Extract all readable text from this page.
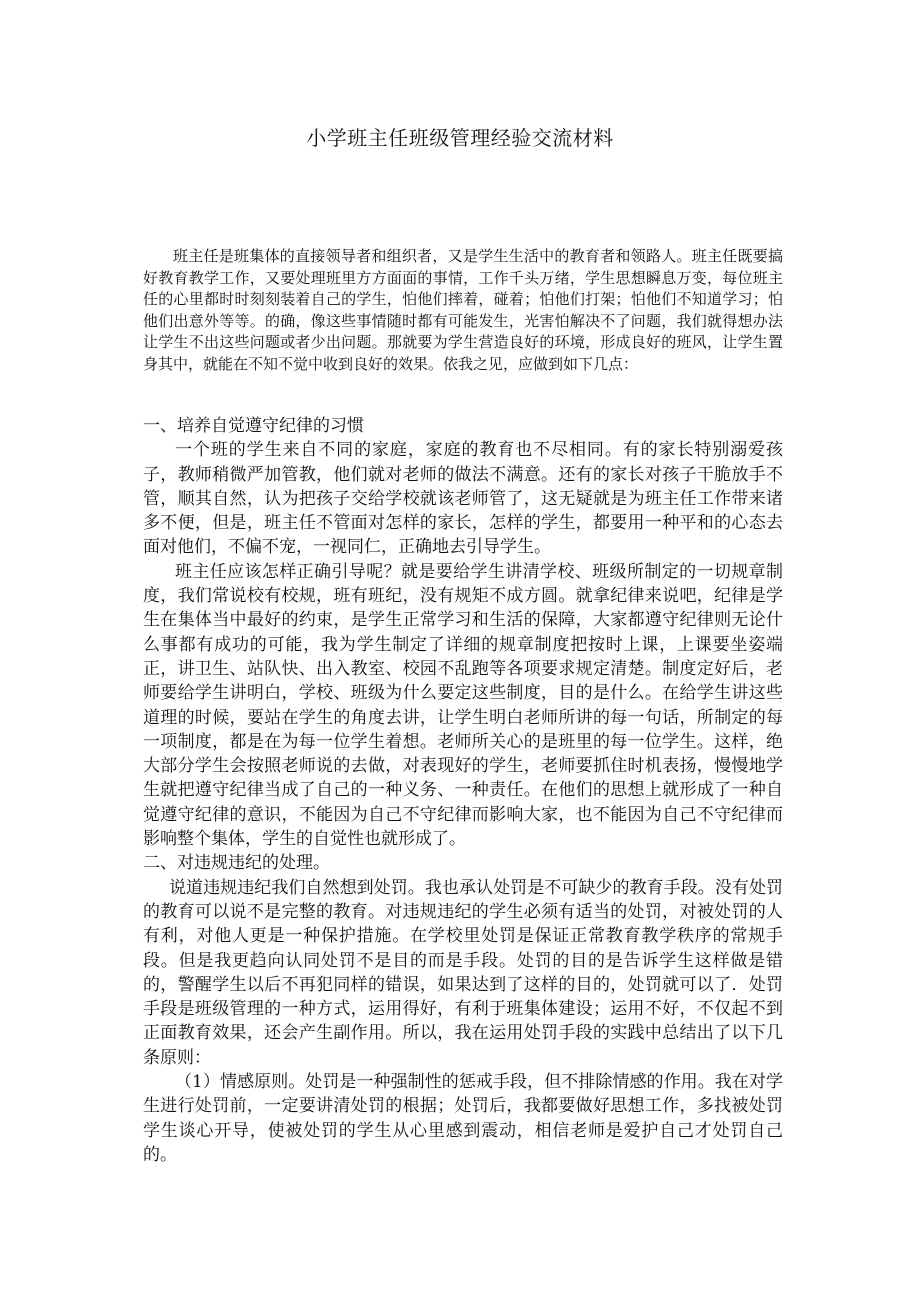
小学班主任班级管理经验交流材料

班主任是班集体的直接领导者和组织者，又是学生生活中的教育者和领路人。班主任既要搞好教育教学工作，又要处理班里方方面面的事情，工作千头万绪，学生思想瞬息万变，每位班主任的心里都时时刻刻装着自己的学生，怕他们摔着，碰着；怕他们打架；怕他们不知道学习；怕他们出意外等等。的确，像这些事情随时都有可能发生，光害怕解决不了问题，我们就得想办法让学生不出这些问题或者少出问题。那就要为学生营造良好的环境，形成良好的班风，让学生置身其中，就能在不知不觉中收到良好的效果。依我之见，应做到如下几点：

一、培养自觉遵守纪律的习惯

一个班的学生来自不同的家庭，家庭的教育也不尽相同。有的家长特别溺爱孩子，教师稍微严加管教，他们就对老师的做法不满意。还有的家长对孩子干脆放手不管，顺其自然，认为把孩子交给学校就该老师管了，这无疑就是为班主任工作带来诸多不便，但是，班主任不管面对怎样的家长，怎样的学生，都要用一种平和的心态去面对他们，不偏不宠，一视同仁，正确地去引导学生。

班主任应该怎样正确引导呢？就是要给学生讲清学校、班级所制定的一切规章制度，我们常说校有校规，班有班纪，没有规矩不成方圆。就拿纪律来说吧，纪律是学生在集体当中最好的约束，是学生正常学习和生活的保障，大家都遵守纪律则无论什么事都有成功的可能，我为学生制定了详细的规章制度把按时上课，上课要坐姿端正，讲卫生、站队快、出入教室、校园不乱跑等各项要求规定清楚。制度定好后，老师要给学生讲明白，学校、班级为什么要定这些制度，目的是什么。在给学生讲这些道理的时候，要站在学生的角度去讲，让学生明白老师所讲的每一句话，所制定的每一项制度，都是在为每一位学生着想。老师所关心的是班里的每一位学生。这样，绝大部分学生会按照老师说的去做，对表现好的学生，老师要抓住时机表扬，慢慢地学生就把遵守纪律当成了自己的一种义务、一种责任。在他们的思想上就形成了一种自觉遵守纪律的意识，不能因为自己不守纪律而影响大家，也不能因为自己不守纪律而影响整个集体，学生的自觉性也就形成了。

二、对违规违纪的处理。

说道违规违纪我们自然想到处罚。我也承认处罚是不可缺少的教育手段。没有处罚的教育可以说不是完整的教育。对违规违纪的学生必须有适当的处罚，对被处罚的人有利，对他人更是一种保护措施。在学校里处罚是保证正常教育教学秩序的常规手段。但是我更趋向认同处罚不是目的而是手段。处罚的目的是告诉学生这样做是错的，警醒学生以后不再犯同样的错误，如果达到了这样的目的，处罚就可以了．处罚手段是班级管理的一种方式，运用得好，有利于班集体建设；运用不好，不仅起不到正面教育效果，还会产生副作用。所以，我在运用处罚手段的实践中总结出了以下几条原则：

（1）情感原则。处罚是一种强制性的惩戒手段，但不排除情感的作用。我在对学生进行处罚前，一定要讲清处罚的根据；处罚后，我都要做好思想工作，多找被处罚学生谈心开导，使被处罚的学生从心里感到震动，相信老师是爱护自己才处罚自己的。
